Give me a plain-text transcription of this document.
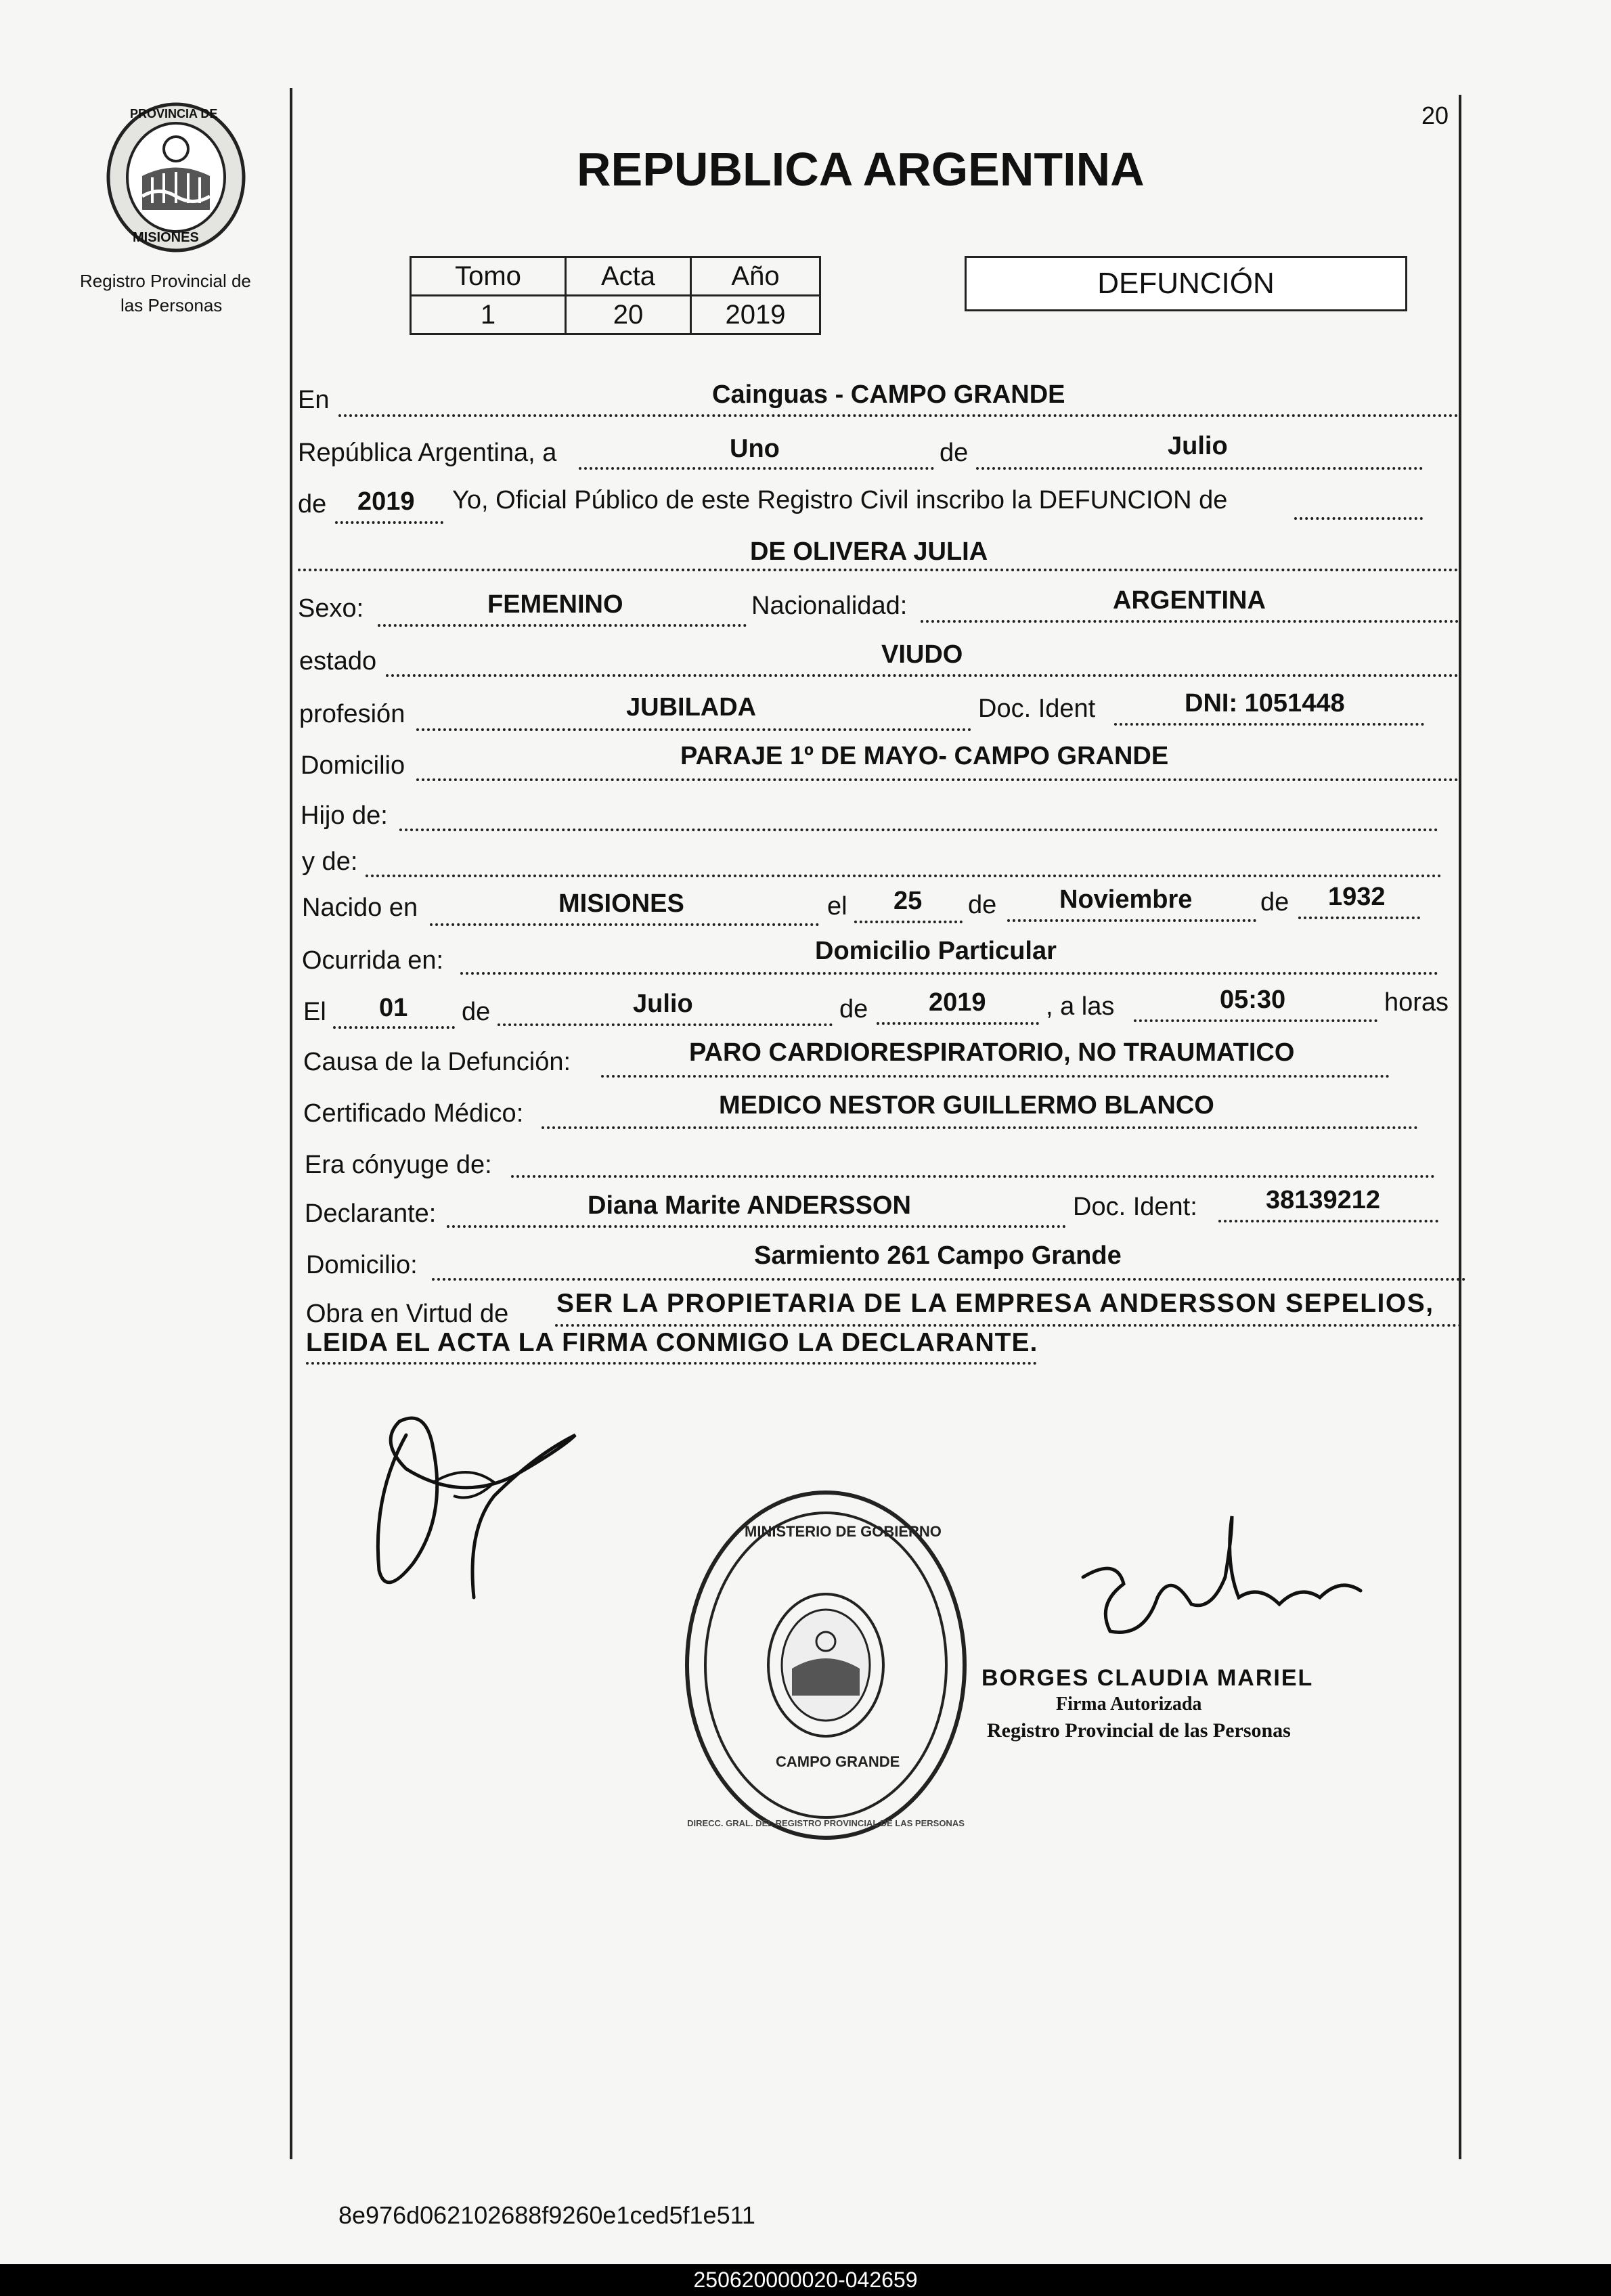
20
PROVINCIA DE
MISIONES
Registro Provincial de
las Personas
REPUBLICA ARGENTINA
Tomo	Acta	Año
1	20	2019
DEFUNCIÓN
En	Cainguas - CAMPO GRANDE
República Argentina, a	Uno	de	Julio
de 2019 Yo, Oficial Público de este Registro Civil inscribo la DEFUNCION de
DE OLIVERA JULIA
Sexo:	FEMENINO	Nacionalidad:	ARGENTINA
estado	VIUDO
profesión	JUBILADA	Doc. Ident	DNI: 1051448
Domicilio	PARAJE 1º DE MAYO- CAMPO GRANDE
Hijo de:
y de:
Nacido en	MISIONES	el 25 de Noviembre	de 1932
Ocurrida en:	Domicilio Particular
El 01 de	Julio	de 2019 , a las	05:30	horas
Causa de la Defunción:	PARO CARDIORESPIRATORIO, NO TRAUMATICO
Certificado Médico:	MEDICO NESTOR GUILLERMO BLANCO
Era cónyuge de:
Declarante:	Diana Marite ANDERSSON	Doc. Ident:	38139212
Domicilio:	Sarmiento 261 Campo Grande
Obra en Virtud de SER LA PROPIETARIA DE LA EMPRESA ANDERSSON SEPELIOS,
LEIDA EL ACTA LA FIRMA CONMIGO LA DECLARANTE.
MINISTERIO DE GOBIERNO
CAMPO GRANDE
DIRECC. GRAL. DEL REGISTRO PROVINCIAL DE LAS PERSONAS
BORGES CLAUDIA MARIEL
Firma Autorizada
Registro Provincial de las Personas
8e976d062102688f9260e1ced5f1e511
250620000020-042659
